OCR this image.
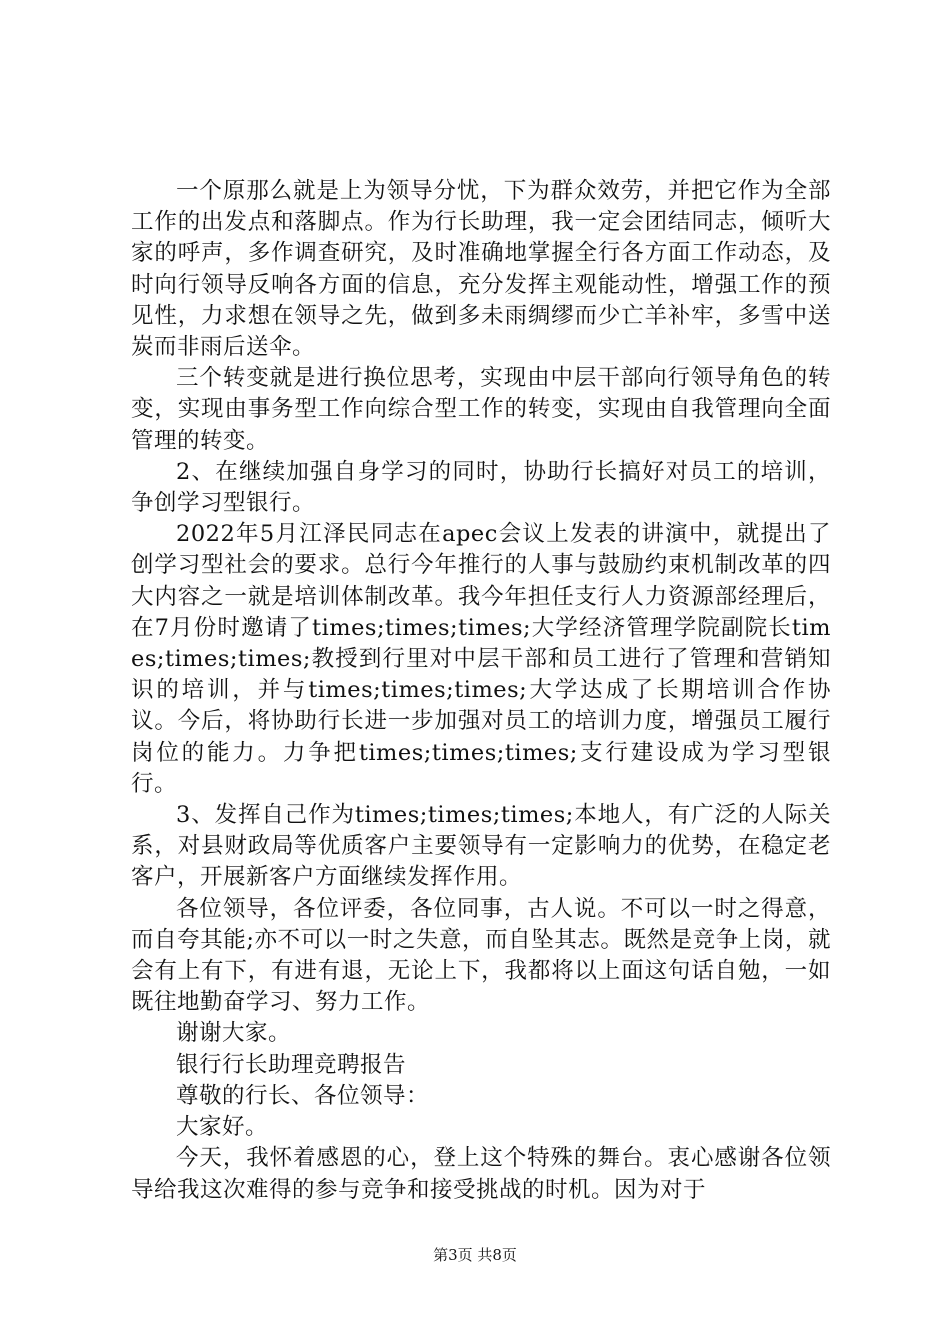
一个原那么就是上为领导分忧，下为群众效劳，并把它作为全部工作的出发点和落脚点。作为行长助理，我一定会团结同志，倾听大家的呼声，多作调查研究，及时准确地掌握全行各方面工作动态，及时向行领导反响各方面的信息，充分发挥主观能动性，增强工作的预见性，力求想在领导之先，做到多未雨绸缪而少亡羊补牢，多雪中送炭而非雨后送伞。

三个转变就是进行换位思考，实现由中层干部向行领导角色的转变，实现由事务型工作向综合型工作的转变，实现由自我管理向全面管理的转变。

2、在继续加强自身学习的同时，协助行长搞好对员工的培训，争创学习型银行。

2022年5月江泽民同志在apec会议上发表的讲演中，就提出了创学习型社会的要求。总行今年推行的人事与鼓励约束机制改革的四大内容之一就是培训体制改革。我今年担任支行人力资源部经理后，在7月份时邀请了times;times;times;大学经济管理学院副院长times;times;times;教授到行里对中层干部和员工进行了管理和营销知识的培训，并与times;times;times;大学达成了长期培训合作协议。今后，将协助行长进一步加强对员工的培训力度，增强员工履行岗位的能力。力争把times;times;times;支行建设成为学习型银行。

3、发挥自己作为times;times;times;本地人，有广泛的人际关系，对县财政局等优质客户主要领导有一定影响力的优势，在稳定老客户，开展新客户方面继续发挥作用。

各位领导，各位评委，各位同事，古人说。不可以一时之得意，而自夸其能;亦不可以一时之失意，而自坠其志。既然是竞争上岗，就会有上有下，有进有退，无论上下，我都将以上面这句话自勉，一如既往地勤奋学习、努力工作。

谢谢大家。

银行行长助理竞聘报告

尊敬的行长、各位领导：

大家好。

今天，我怀着感恩的心，登上这个特殊的舞台。衷心感谢各位领导给我这次难得的参与竞争和接受挑战的时机。因为对于

第3页 共8页
